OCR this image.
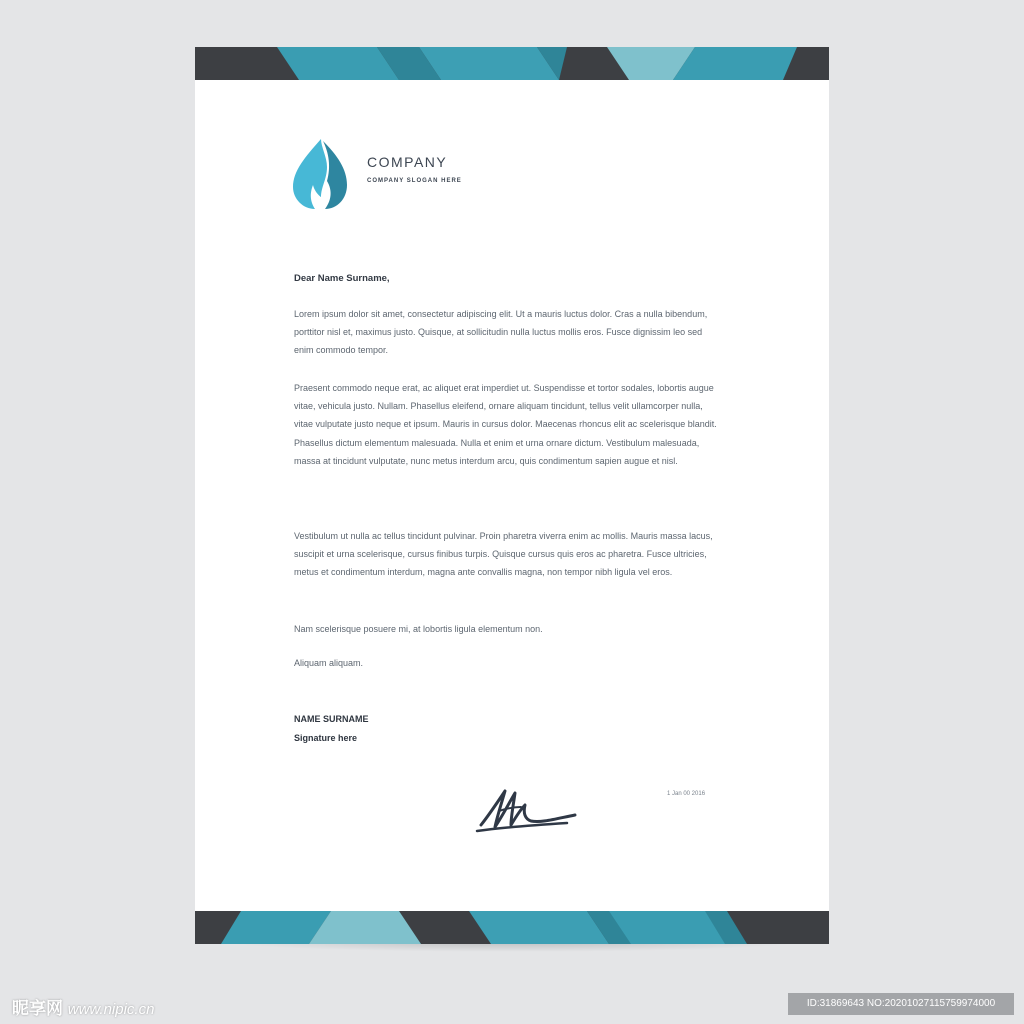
COMPANY
COMPANY SLOGAN HERE
Dear Name Surname,

Lorem ipsum dolor sit amet, consectetur adipiscing elit. Ut a mauris luctus dolor. Cras a nulla bibendum, porttitor nisl et, maximus justo. Quisque, at sollicitudin nulla luctus mollis eros. Fusce dignissim leo sed enim commodo tempor.

Praesent commodo neque erat, ac aliquet erat imperdiet ut. Suspendisse et tortor sodales, lobortis augue vitae, vehicula justo. Nullam. Phasellus eleifend, ornare aliquam tincidunt, tellus velit ullamcorper nulla, vitae vulputate justo neque et ipsum. Mauris in cursus dolor. Maecenas rhoncus elit ac scelerisque blandit. Phasellus dictum elementum malesuada. Nulla et enim et urna ornare dictum. Vestibulum malesuada, massa at tincidunt vulputate, nunc metus interdum arcu, quis condimentum sapien augue et nisl.

Vestibulum ut nulla ac tellus tincidunt pulvinar. Proin pharetra viverra enim ac mollis. Mauris massa lacus, suscipit et urna scelerisque, cursus finibus turpis. Quisque cursus quis eros ac pharetra. Fusce ultricies, metus et condimentum interdum, magna ante convallis magna, non tempor nibh ligula vel eros.

Nam scelerisque posuere mi, at lobortis ligula elementum non.

Aliquam aliquam.
NAME SURNAME
Signature here
1 Jan 00 2016
昵享网 www.nipic.cn	ID:31869643 NO:20201027115759974000
